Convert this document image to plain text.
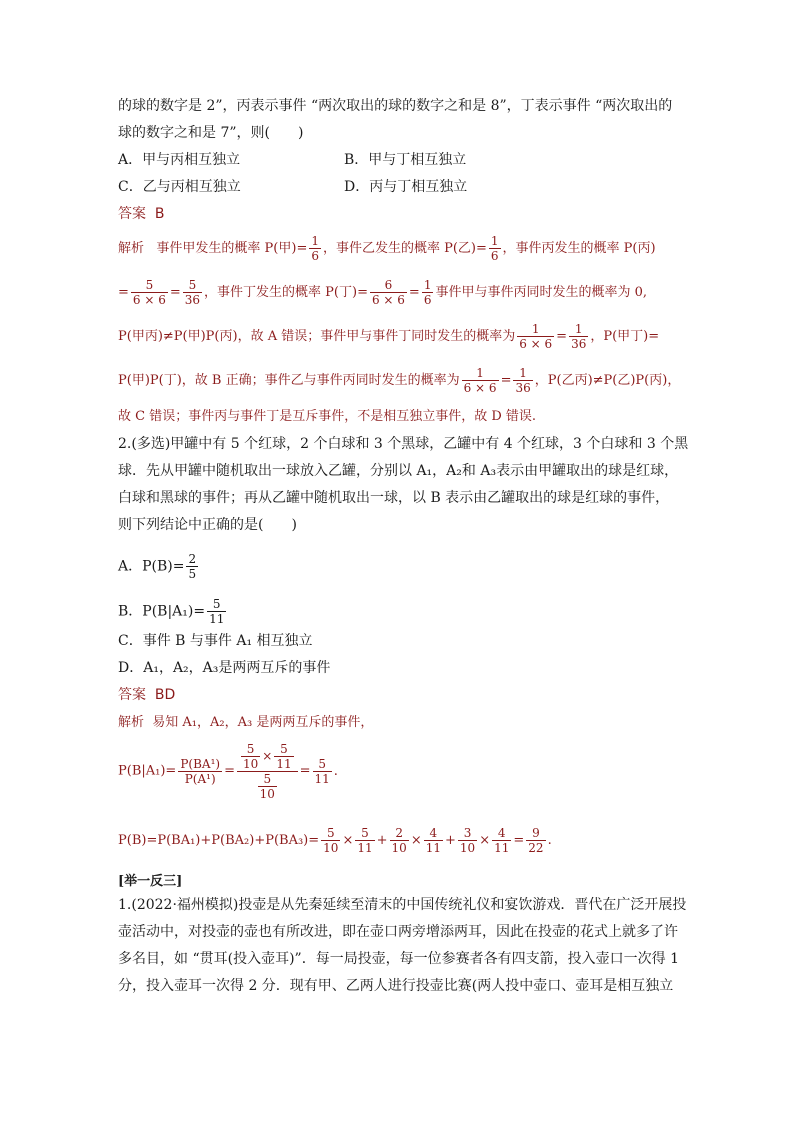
的球的数字是 2”，丙表示事件 “两次取出的球的数字之和是 8”，丁表示事件 “两次取出的
球的数字之和是 7”，则(　　)
A．甲与丙相互独立	B．甲与丁相互独立
C．乙与丙相互独立	D．丙与丁相互独立
答案 B
解析 事件甲发生的概率 P(甲)= $\frac{1}{6}$ ，事件乙发生的概率 P(乙)= $\frac{1}{6}$ ，事件丙发生的概率 P(丙)
= $\frac{5}{6 \times 6} = \frac{5}{36}$ ，事件丁发生的概率 P(丁)= $\frac{6}{6 \times 6} = \frac{1}{6}$ 事件甲与事件丙同时发生的概率为 0,
P(甲丙)≠P(甲)P(丙)，故 A 错误；事件甲与事件丁同时发生的概率为 $\frac{1}{6 \times 6} = \frac{1}{36}$ ，P(甲丁)=
P(甲)P(丁)，故 B 正确；事件乙与事件丙同时发生的概率为 $\frac{1}{6 \times 6} = \frac{1}{36}$ ，P(乙丙)≠P(乙)P(丙)，
故 C 错误；事件丙与事件丁是互斥事件，不是相互独立事件，故 D 错误.
2.(多选)甲罐中有 5 个红球，2 个白球和 3 个黑球，乙罐中有 4 个红球，3 个白球和 3 个黑
球．先从甲罐中随机取出一球放入乙罐，分别以 A₁，A₂和 A₃表示由甲罐取出的球是红球，
白球和黑球的事件；再从乙罐中随机取出一球，以 B 表示由乙罐取出的球是红球的事件，
则下列结论中正确的是(　　)
A．$P(B)= \frac{2}{5}$
B．$P(B|A_1)= \frac{5}{11}$
C．事件 B 与事件 A₁ 相互独立
D．A₁，A₂，A₃是两两互斥的事件
答案 BD
解析 易知 A₁，A₂，A₃ 是两两互斥的事件，
$P(B|A_1)= \frac{\text{P(BA¹)}}{\text{P(A¹)}} = \frac{\frac{5}{10} \times \frac{5}{11}}{\frac{5}{10}} = \frac{5}{11}$ .
$P(B)=P(BA_1)+P(BA_2)+P(BA_3)= \frac{5}{10} \times \frac{5}{11} + \frac{2}{10} \times \frac{4}{11} + \frac{3}{10} \times \frac{4}{11} = \frac{9}{22}$ .
[举一反三]
1.(2022·福州模拟)投壶是从先秦延续至清末的中国传统礼仪和宴饮游戏．晋代在广泛开展投
壶活动中，对投壶的壶也有所改进，即在壶口两旁增添两耳，因此在投壶的花式上就多了许
多名目，如 “贯耳(投入壶耳)”．每一局投壶，每一位参赛者各有四支箭，投入壶口一次得 1
分，投入壶耳一次得 2 分．现有甲、乙两人进行投壶比赛(两人投中壶口、壶耳是相互独立
